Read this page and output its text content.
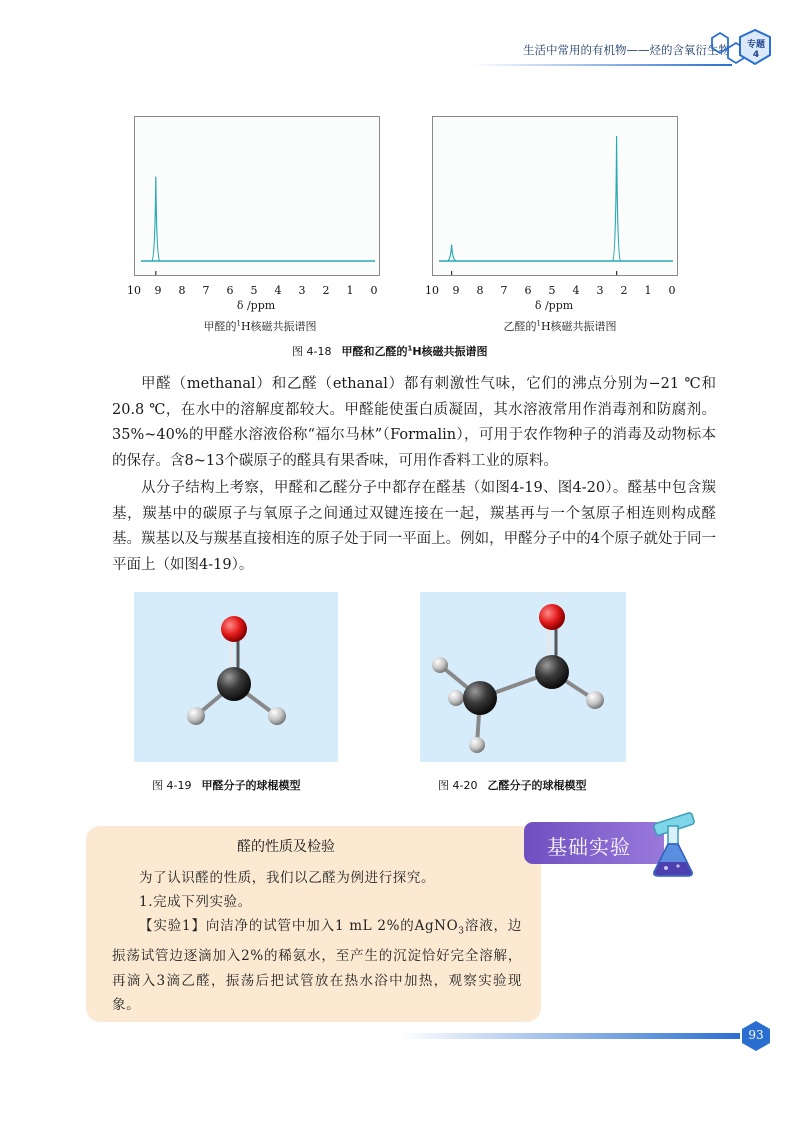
生活中常用的有机物——烃的含氧衍生物	专题
4
10	9	8	7	6	5	4	3	2	1	0	10	9	8	7	6	5	4	3	2	1	0
δ /ppm	δ /ppm
甲醛的$^1$H核磁共振谱图	乙醛的$^1$H核磁共振谱图
图 4-18 甲醛和乙醛的$^1$H核磁共振谱图
甲醛（methanal）和乙醛（ethanal）都有刺激性气味，它们的沸点分别为−21 ℃和20.8 ℃，在水中的溶解度都较大。甲醛能使蛋白质凝固，其水溶液常用作消毒剂和防腐剂。35%~40%的甲醛水溶液俗称“福尔马林”（Formalin），可用于农作物种子的消毒及动物标本的保存。含8~13个碳原子的醛具有果香味，可用作香料工业的原料。
从分子结构上考察，甲醛和乙醛分子中都存在醛基（如图4-19、图4-20）。醛基中包含羰基，羰基中的碳原子与氧原子之间通过双键连接在一起，羰基再与一个氢原子相连则构成醛基。羰基以及与羰基直接相连的原子处于同一平面上。例如，甲醛分子中的4个原子就处于同一平面上（如图4-19）。
图 4-19 甲醛分子的球棍模型	图 4-20 乙醛分子的球棍模型
基础实验
醛的性质及检验
为了认识醛的性质，我们以乙醛为例进行探究。
1.完成下列实验。
【实验1】向洁净的试管中加入1 mL 2%的AgNO$_3$溶液，边振荡试管边逐滴加入2%的稀氨水，至产生的沉淀恰好完全溶解，再滴入3滴乙醛，振荡后把试管放在热水浴中加热，观察实验现象。
93
